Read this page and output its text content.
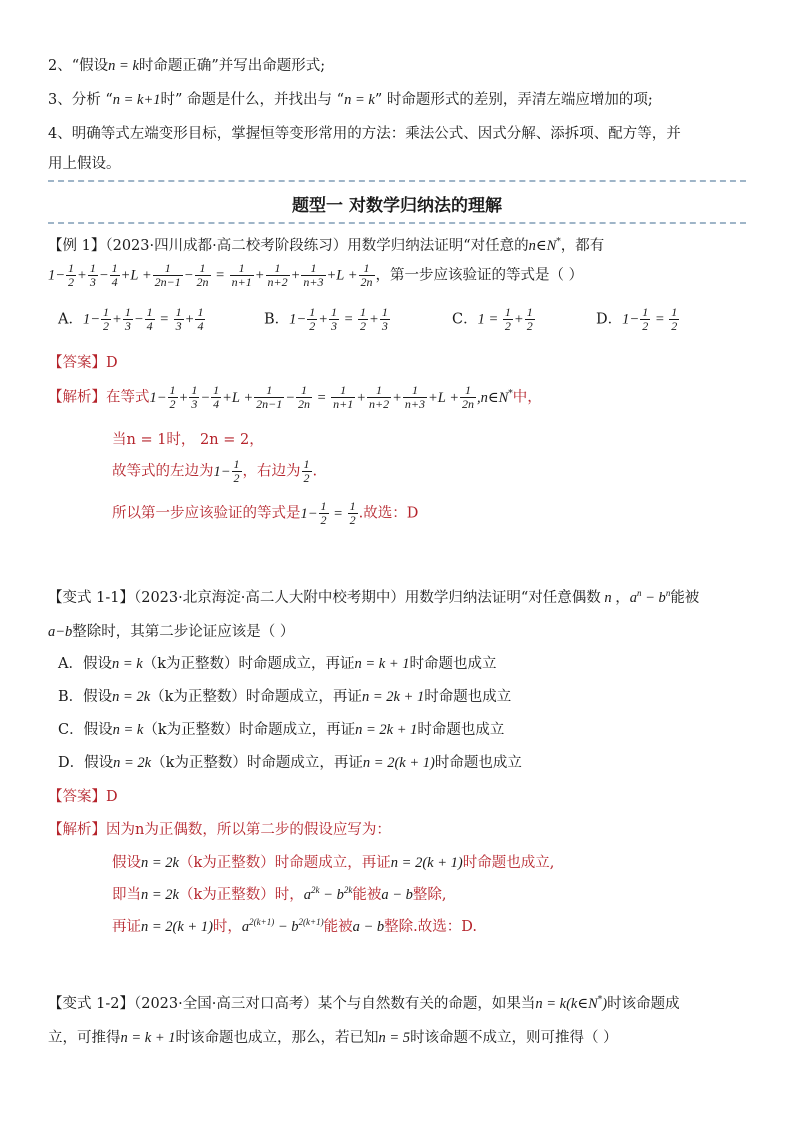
2、“假设n = k时命题正确”并写出命题形式;
3、分析 “n = k+1时” 命题是什么，并找出与 “n = k” 时命题形式的差别，弄清左端应增加的项;
4、明确等式左端变形目标，掌握恒等变形常用的方法：乘法公式、因式分解、添拆项、配方等，并
用上假设。
题型一 对数学归纳法的理解
【例 1】（2023·四川成都·高二校考阶段练习）用数学归纳法证明“对任意的n∈N*，都有
$1- \frac{1}{2} + \frac{1}{3} - \frac{1}{4} +L + \frac{1}{2n-1} - \frac{1}{2n} = \frac{1}{n+1} + \frac{1}{n+2} + \frac{1}{n+3} +L + \frac{1}{2n}$ ，第一步应该验证的等式是（ ）
A．$1- \frac{1}{2} + \frac{1}{3} - \frac{1}{4} = \frac{1}{3} + \frac{1}{4}$	B．$1- \frac{1}{2} + \frac{1}{3} = \frac{1}{2} + \frac{1}{3}$	C．$1 = \frac{1}{2} + \frac{1}{2}$	D．$1- \frac{1}{2} = \frac{1}{2}$
【答案】D
【解析】在等式$1- \frac{1}{2} + \frac{1}{3} - \frac{1}{4} +L + \frac{1}{2n-1} - \frac{1}{2n} = \frac{1}{n+1} + \frac{1}{n+2} + \frac{1}{n+3} +L + \frac{1}{2n}$ ,n∈N*中，
当n = 1时， 2n = 2，
故等式的左边为$1- \frac{1}{2}$ ，右边为 $\frac{1}{2}$ .
所以第一步应该验证的等式是$1- \frac{1}{2} = \frac{1}{2}$ .故选：D
【变式 1-1】（2023·北京海淀·高二人大附中校考期中）用数学归纳法证明“对任意偶数 n ，$a^n - b^n$能被
a−b整除时，其第二步论证应该是（ ）
A．假设n = k（k为正整数）时命题成立，再证n = k + 1时命题也成立
B．假设n = 2k（k为正整数）时命题成立，再证n = 2k + 1时命题也成立
C．假设n = k（k为正整数）时命题成立，再证n = 2k + 1时命题也成立
D．假设n = 2k（k为正整数）时命题成立，再证n = 2(k + 1)时命题也成立
【答案】D
【解析】因为n为正偶数，所以第二步的假设应写为：
假设n = 2k（k为正整数）时命题成立，再证n = 2(k + 1)时命题也成立,
即当n = 2k（k为正整数）时，$a^{2k} - b^{2k}$能被a − b整除,
再证n = 2(k + 1)时，$a^{2(k+1)} - b^{2(k+1)}$能被a − b整除.故选：D.
【变式 1-2】（2023·全国·高三对口高考）某个与自然数有关的命题，如果当n = k(k∈N*)时该命题成
立，可推得n = k + 1时该命题也成立，那么，若已知n = 5时该命题不成立，则可推得（ ）
